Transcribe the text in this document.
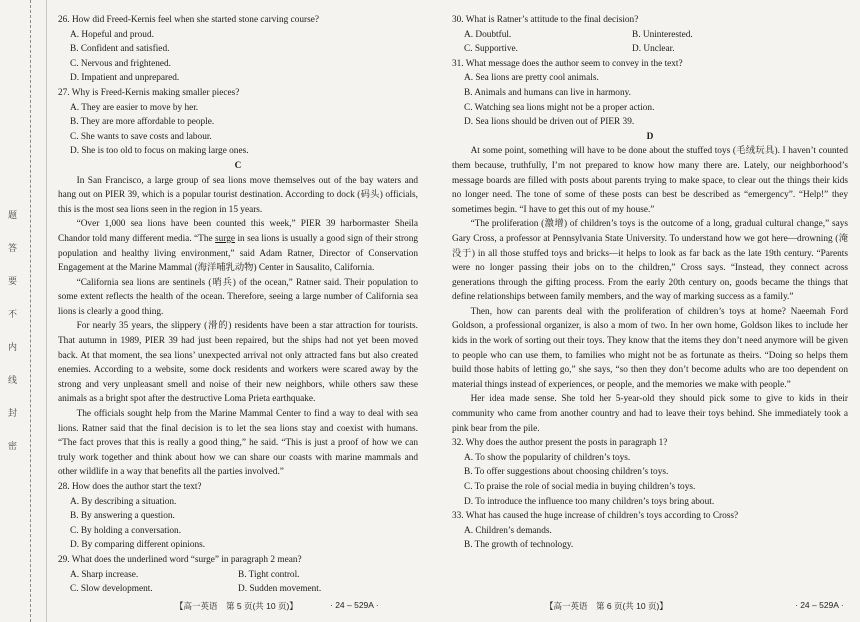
题
答
要
不
内
线
封
密

26. How did Freed-Kernis feel when she started stone carving course?

A. Hopeful and proud.

B. Confident and satisfied.

C. Nervous and frightened.

D. Impatient and unprepared.

27. Why is Freed-Kernis making smaller pieces?

A. They are easier to move by her.

B. They are more affordable to people.

C. She wants to save costs and labour.

D. She is too old to focus on making large ones.

C

In San Francisco, a large group of sea lions move themselves out of the bay waters and hang out on PIER 39, which is a popular tourist destination. According to dock (码头) officials, this is the most sea lions seen in the region in 15 years.

“Over 1,000 sea lions have been counted this week,” PIER 39 harbormaster Sheila Chandor told many different media. “The surge in sea lions is usually a good sign of their strong population and healthy living environment,” said Adam Ratner, Director of Conservation Engagement at the Marine Mammal (海洋哺乳动物) Center in Sausalito, California.

“California sea lions are sentinels (哨兵) of the ocean,” Ratner said. Their population to some extent reflects the health of the ocean. Therefore, seeing a large number of California sea lions is clearly a good thing.

For nearly 35 years, the slippery (滑的) residents have been a star attraction for tourists. That autumn in 1989, PIER 39 had just been repaired, but the ships had not yet been moved back. At that moment, the sea lions’ unexpected arrival not only attracted fans but also created enemies. According to a website, some dock residents and workers were scared away by the strong and very unpleasant smell and noise of their new neighbors, while others saw these animals as a bright spot after the destructive Loma Prieta earthquake.

The officials sought help from the Marine Mammal Center to find a way to deal with sea lions. Ratner said that the final decision is to let the sea lions stay and coexist with humans. “The fact proves that this is really a good thing,” he said. “This is just a proof of how we can truly work together and think about how we can share our coasts with marine mammals and other wildlife in a way that benefits all the parties involved.”

28. How does the author start the text?

A. By describing a situation.

B. By answering a question.

C. By holding a conversation.

D. By comparing different opinions.

29. What does the underlined word “surge” in paragraph 2 mean?

A. Sharp increase.	B. Tight control.
C. Slow development.	D. Sudden movement.
【高一英语　第 5 页(共 10 页)】	· 24 – 529A ·

30. What is Ratner’s attitude to the final decision?

A. Doubtful.	B. Uninterested.
C. Supportive.	D. Unclear.

31. What message does the author seem to convey in the text?

A. Sea lions are pretty cool animals.

B. Animals and humans can live in harmony.

C. Watching sea lions might not be a proper action.

D. Sea lions should be driven out of PIER 39.

D

At some point, something will have to be done about the stuffed toys (毛绒玩具). I haven’t counted them because, truthfully, I’m not prepared to know how many there are. Lately, our neighborhood’s message boards are filled with posts about parents trying to make space, to clear out the things their kids no longer need. The tone of some of these posts can best be described as “emergency”. “Help!” they sometimes begin. “I have to get this out of my house.”

“The proliferation (激增) of children’s toys is the outcome of a long, gradual cultural change,” says Gary Cross, a professor at Pennsylvania State University. To understand how we got here—drowning (淹没于) in all those stuffed toys and bricks—it helps to look as far back as the late 19th century. “Parents were no longer passing their jobs on to the children,” Cross says. “Instead, they connect across generations through the gifting process. From the early 20th century on, goods became the things that define relationships between family members, and the way of marking success as a family.”

Then, how can parents deal with the proliferation of children’s toys at home? Naeemah Ford Goldson, a professional organizer, is also a mom of two. In her own home, Goldson likes to include her kids in the work of sorting out their toys. They know that the items they don’t need anymore will be given to people who can use them, to families who might not be as fortunate as theirs. “Doing so helps them build those habits of letting go,” she says, “so then they don’t become adults who are too dependent on material things instead of experiences, or people, and the memories we make with people.”

Her idea made sense. She told her 5-year-old they should pick some to give to kids in their community who came from another country and had to leave their toys behind. She immediately took a pink bear from the pile.

32. Why does the author present the posts in paragraph 1?

A. To show the popularity of children’s toys.

B. To offer suggestions about choosing children’s toys.

C. To praise the role of social media in buying children’s toys.

D. To introduce the influence too many children’s toys bring about.

33. What has caused the huge increase of children’s toys according to Cross?

A. Children’s demands.

B. The growth of technology.

【高一英语　第 6 页(共 10 页)】	· 24 – 529A ·
